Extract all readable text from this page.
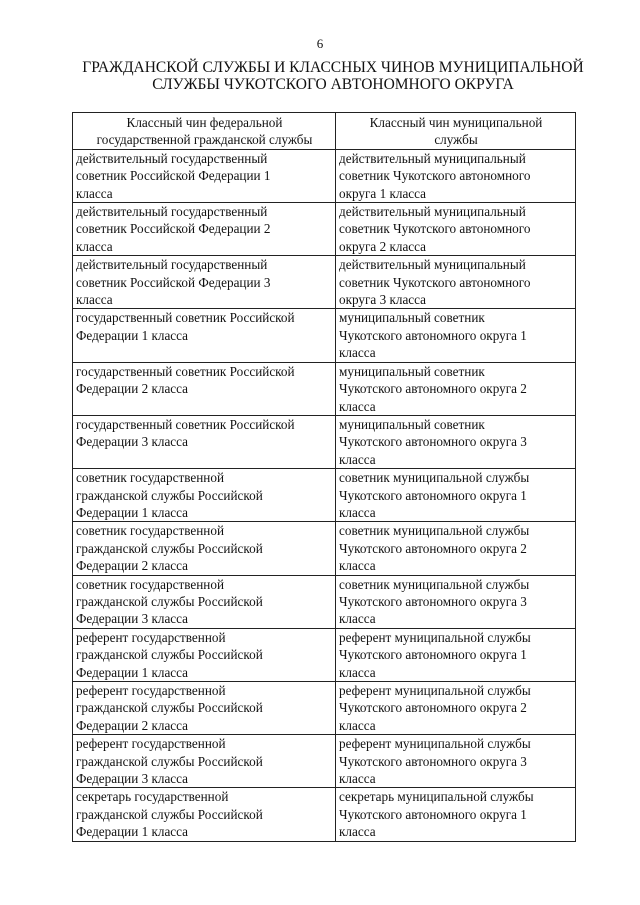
6
ГРАЖДАНСКОЙ СЛУЖБЫ И КЛАССНЫХ ЧИНОВ МУНИЦИПАЛЬНОЙ
СЛУЖБЫ ЧУКОТСКОГО АВТОНОМНОГО ОКРУГА
Классный чин федеральной
государственной гражданской службы	Классный чин муниципальной
службы

действительный государственный
советник Российской Федерации 1
класса	действительный муниципальный
советник Чукотского автономного
округа 1 класса

действительный государственный
советник Российской Федерации 2
класса	действительный муниципальный
советник Чукотского автономного
округа 2 класса

действительный государственный
советник Российской Федерации 3
класса	действительный муниципальный
советник Чукотского автономного
округа 3 класса

государственный советник Российской
Федерации 1 класса	муниципальный советник
Чукотского автономного округа 1
класса

государственный советник Российской
Федерации 2 класса	муниципальный советник
Чукотского автономного округа 2
класса

государственный советник Российской
Федерации 3 класса	муниципальный советник
Чукотского автономного округа 3
класса

советник государственной
гражданской службы Российской
Федерации 1 класса	советник муниципальной службы
Чукотского автономного округа 1
класса

советник государственной
гражданской службы Российской
Федерации 2 класса	советник муниципальной службы
Чукотского автономного округа 2
класса

советник государственной
гражданской службы Российской
Федерации 3 класса	советник муниципальной службы
Чукотского автономного округа 3
класса

референт государственной
гражданской службы Российской
Федерации 1 класса	референт муниципальной службы
Чукотского автономного округа 1
класса

референт государственной
гражданской службы Российской
Федерации 2 класса	референт муниципальной службы
Чукотского автономного округа 2
класса

референт государственной
гражданской службы Российской
Федерации 3 класса	референт муниципальной службы
Чукотского автономного округа 3
класса

секретарь государственной
гражданской службы Российской
Федерации 1 класса	секретарь муниципальной службы
Чукотского автономного округа 1
класса
